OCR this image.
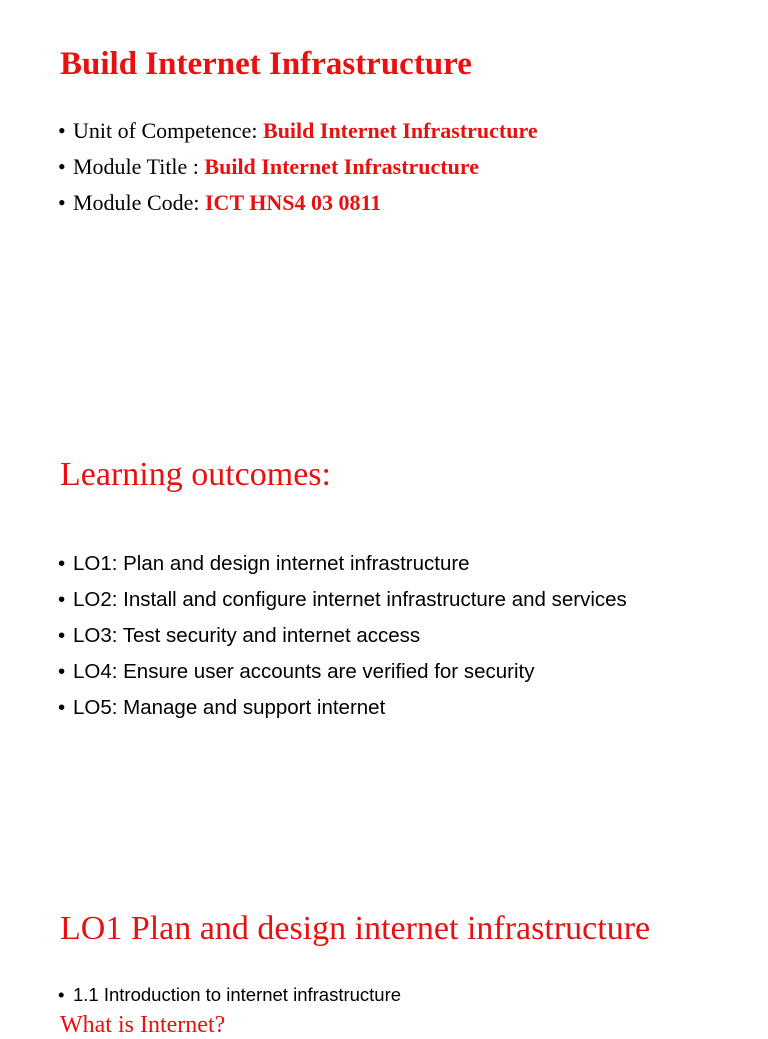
Build Internet Infrastructure
• Unit of Competence: Build Internet Infrastructure
• Module Title : Build Internet Infrastructure
• Module Code: ICT HNS4 03 0811
Learning outcomes:
• LO1: Plan and design internet infrastructure
• LO2: Install and configure internet infrastructure and services
• LO3: Test security and internet access
• LO4: Ensure user accounts are verified for security
• LO5: Manage and support internet
LO1 Plan and design internet infrastructure
• 1.1 Introduction to internet infrastructure
What is Internet?
